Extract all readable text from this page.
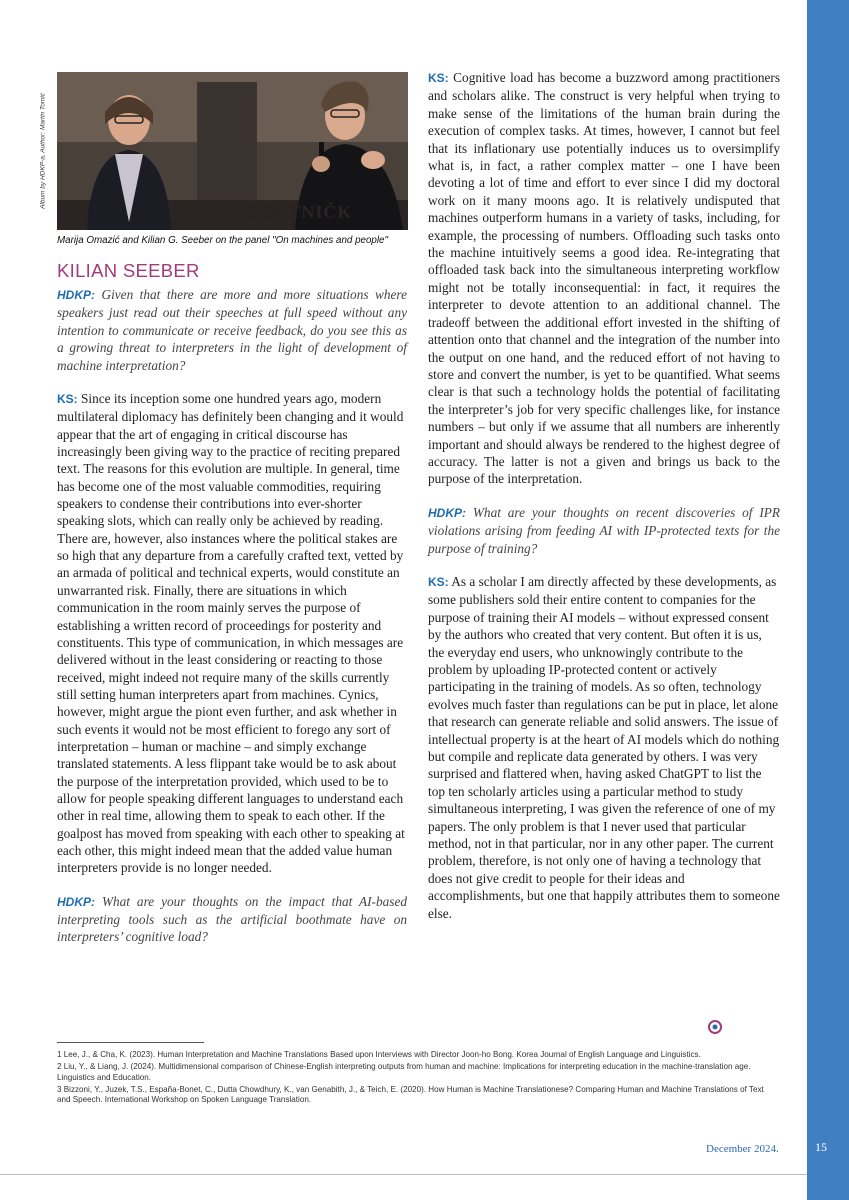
Album by HDKP-a, Author: Martin Tomić
OBRTNIČK
Marija Omazić and Kilian G. Seeber on the panel "On machines and people"
KILIAN SEEBER

HDKP: Given that there are more and more situations where speakers just read out their speeches at full speed without any intention to communicate or receive feedback, do you see this as a growing threat to interpreters in the light of development of machine interpretation?

KS: Since its inception some one hundred years ago, modern multilateral diplomacy has definitely been changing and it would appear that the art of engaging in critical discourse has increasingly been giving way to the practice of reciting prepared text. The reasons for this evolution are multiple. In general, time has become one of the most valuable commodities, requiring speakers to condense their contributions into ever-shorter speaking slots, which can really only be achieved by reading. There are, however, also instances where the political stakes are so high that any departure from a carefully crafted text, vetted by an armada of political and technical experts, would constitute an unwarranted risk. Finally, there are situations in which communication in the room mainly serves the purpose of establishing a written record of proceedings for posterity and constituents. This type of communication, in which messages are delivered without in the least considering or reacting to those received, might indeed not require many of the skills currently still setting human interpreters apart from machines. Cynics, however, might argue the piont even further, and ask whether in such events it would not be most efficient to forego any sort of interpretation – human or machine – and simply exchange translated statements. A less flippant take would be to ask about the purpose of the interpretation provided, which used to be to allow for people speaking different languages to understand each other in real time, allowing them to speak to each other. If the goalpost has moved from speaking with each other to speaking at each other, this might indeed mean that the added value human interpreters provide is no longer needed.

HDKP: What are your thoughts on the impact that AI-based interpreting tools such as the artificial boothmate have on interpreters’ cognitive load?

KS: Cognitive load has become a buzzword among practitioners and scholars alike. The construct is very helpful when trying to make sense of the limitations of the human brain during the execution of complex tasks. At times, however, I cannot but feel that its inflationary use potentially induces us to oversimplify what is, in fact, a rather complex matter – one I have been devoting a lot of time and effort to ever since I did my doctoral work on it many moons ago. It is relatively undisputed that machines outperform humans in a variety of tasks, including, for example, the processing of numbers. Offloading such tasks onto the machine intuitively seems a good idea. Re-integrating that offloaded task back into the simultaneous interpreting workflow might not be totally inconsequential: in fact, it requires the interpreter to devote attention to an additional channel. The tradeoff between the additional effort invested in the shifting of attention onto that channel and the integration of the number into the output on one hand, and the reduced effort of not having to store and convert the number, is yet to be quantified. What seems clear is that such a technology holds the potential of facilitating the interpreter’s job for very specific challenges like, for instance numbers – but only if we assume that all numbers are inherently important and should always be rendered to the highest degree of accuracy. The latter is not a given and brings us back to the purpose of the interpretation.

HDKP: What are your thoughts on recent discoveries of IPR violations arising from feeding AI with IP-protected texts for the purpose of training?

KS: As a scholar I am directly affected by these developments, as some publishers sold their entire content to companies for the purpose of training their AI models – without expressed consent by the authors who created that very content. But often it is us, the everyday end users, who unknowingly contribute to the problem by uploading IP-protected content or actively participating in the training of models. As so often, technology evolves much faster than regulations can be put in place, let alone that research can generate reliable and solid answers. The issue of intellectual property is at the heart of AI models which do nothing but compile and replicate data generated by others. I was very surprised and flattered when, having asked ChatGPT to list the top ten scholarly articles using a particular method to study simultaneous interpreting, I was given the reference of one of my papers. The only problem is that I never used that particular method, not in that particular, nor in any other paper. The current problem, therefore, is not only one of having a technology that does not give credit to people for their ideas and accomplishments, but one that happily attributes them to someone else.

1 Lee, J., & Cha, K. (2023). Human Interpretation and Machine Translations Based upon Interviews with Director Joon-ho Bong. Korea Journal of English Language and Linguistics.
2 Liu, Y., & Liang, J. (2024). Multidimensional comparison of Chinese-English interpreting outputs from human and machine: Implications for interpreting education in the machine-translation age. Linguistics and Education.
3 Bizzoni, Y., Juzek, T.S., España-Bonet, C., Dutta Chowdhury, K., van Genabith, J., & Teich, E. (2020). How Human is Machine Translationese? Comparing Human and Machine Translations of Text and Speech. International Workshop on Spoken Language Translation.
December 2024.	15
